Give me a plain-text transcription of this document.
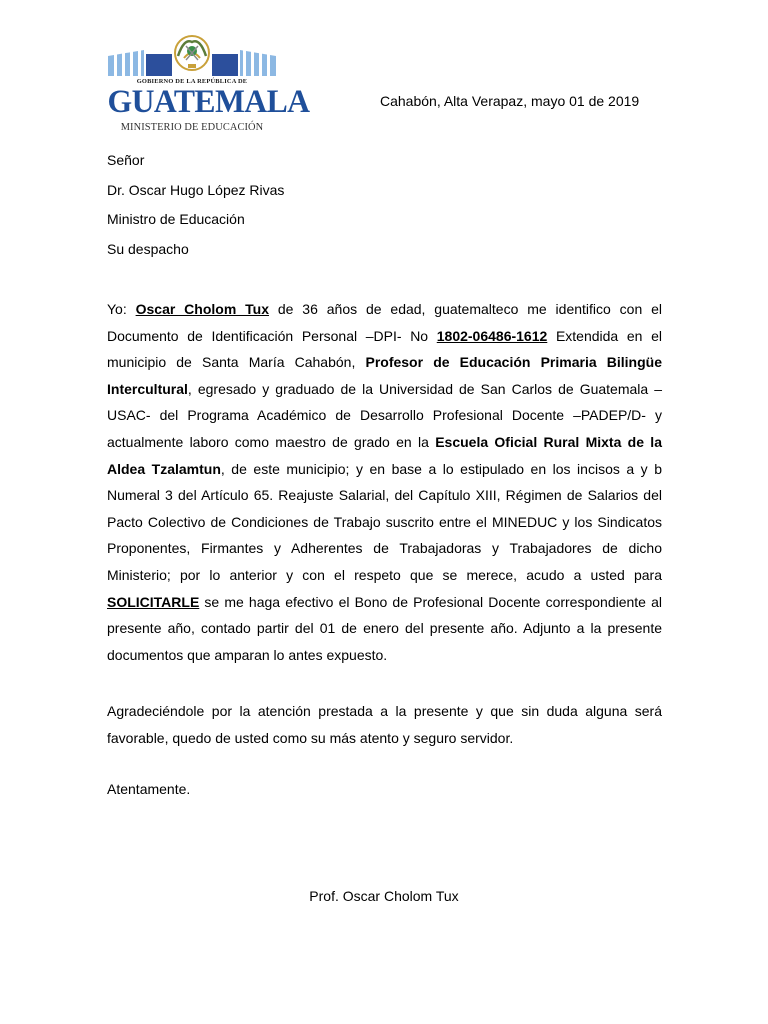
GOBIERNO DE LA REPÚBLICA DE
GUATEMALA
MINISTERIO DE EDUCACIÓN
Cahabón, Alta Verapaz, mayo 01 de 2019
Señor
Dr. Oscar Hugo López Rivas
Ministro de Educación
Su despacho

Yo: Oscar Cholom Tux de 36 años de edad, guatemalteco me identifico con el Documento de Identificación Personal –DPI- No 1802-06486-1612 Extendida en el municipio de Santa María Cahabón, Profesor de Educación Primaria Bilingüe Intercultural, egresado y graduado de la Universidad de San Carlos de Guatemala –USAC- del Programa Académico de Desarrollo Profesional Docente –PADEP/D- y actualmente laboro como maestro de grado en la Escuela Oficial Rural Mixta de la Aldea Tzalamtun, de este municipio; y en base a lo estipulado en los incisos a y b Numeral 3 del Artículo 65. Reajuste Salarial, del Capítulo XIII, Régimen de Salarios del Pacto Colectivo de Condiciones de Trabajo suscrito entre el MINEDUC y los Sindicatos Proponentes, Firmantes y Adherentes de Trabajadoras y Trabajadores de dicho Ministerio; por lo anterior y con el respeto que se merece, acudo a usted para SOLICITARLE se me haga efectivo el Bono de Profesional Docente correspondiente al presente año, contado partir del 01 de enero del presente año. Adjunto a la presente documentos que amparan lo antes expuesto.

Agradeciéndole por la atención prestada a la presente y que sin duda alguna será favorable, quedo de usted como su más atento y seguro servidor.

Atentamente.
Prof. Oscar Cholom Tux
